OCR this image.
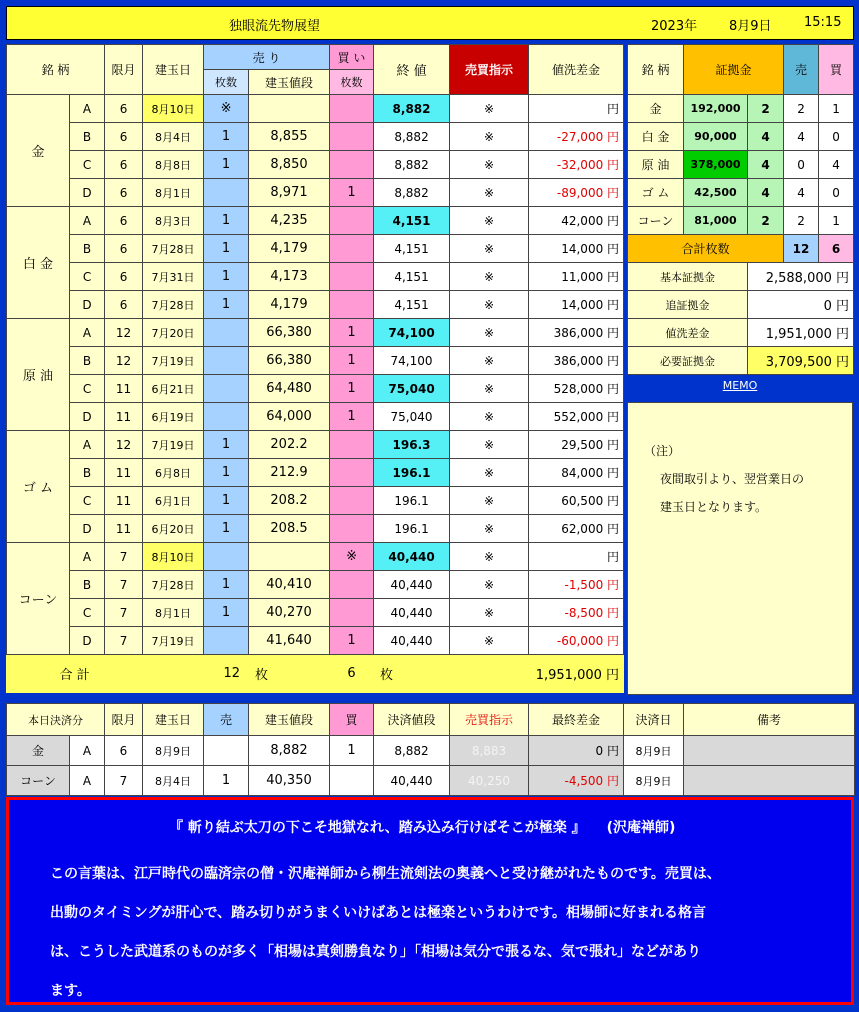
独眼流先物展望	2023年 8月9日 15:15
銘 柄		限月	建玉日	売 り		買 い	終 値	売買指示	値洗差金
				枚数	建玉値段	枚数			
金	A	6	8月10日	※			8,882	※	円
	B	6	8月4日	1	8,855		8,882	※	-27,000 円
	C	6	8月8日	1	8,850		8,882	※	-32,000 円
	D	6	8月1日		8,971	1	8,882	※	-89,000 円
白 金	A	6	8月3日	1	4,235		4,151	※	42,000 円
	B	6	7月28日	1	4,179		4,151	※	14,000 円
	C	6	7月31日	1	4,173		4,151	※	11,000 円
	D	6	7月28日	1	4,179		4,151	※	14,000 円
原 油	A	12	7月20日		66,380	1	74,100	※	386,000 円
	B	12	7月19日		66,380	1	74,100	※	386,000 円
	C	11	6月21日		64,480	1	75,040	※	528,000 円
	D	11	6月19日		64,000	1	75,040	※	552,000 円
ゴ ム	A	12	7月19日	1	202.2		196.3	※	29,500 円
	B	11	6月8日	1	212.9		196.1	※	84,000 円
	C	11	6月1日	1	208.2		196.1	※	60,500 円
	D	11	6月20日	1	208.5		196.1	※	62,000 円
コーン	A	7	8月10日			※	40,440	※	円
	B	7	7月28日	1	40,410		40,440	※	-1,500 円
	C	7	8月1日	1	40,270		40,440	※	-8,500 円
	D	7	7月19日		41,640	1	40,440	※	-60,000 円
合 計			12		枚	6	枚	1,951,000 円	
銘 柄	証拠金		売	買
金	192,000	2	2	1
白 金	90,000	4	4	0
原 油	378,000	4	0	4
ゴ ム	42,500	4	4	0
コーン	81,000	2	2	1
合計枚数			12	6
基本証拠金		2,588,000 円		
追証拠金		0 円		
値洗差金		1,951,000 円		
必要証拠金		3,709,500 円		
MEMO
（注）
夜間取引より、翌営業日の
建玉日となります。
本日決済分		限月	建玉日	売	建玉値段	買	決済値段	売買指示	最終差金	決済日	備考
金	A	6	8月9日		8,882	1	8,882	8,883	0 円	8月9日	
コーン	A	7	8月4日	1	40,350		40,440	40,250	-4,500 円	8月9日	
『 斬り結ぶ太刀の下こそ地獄なれ、踏み込み行けばそこが極楽 』　　(沢庵禅師)
この言葉は、江戸時代の臨済宗の僧・沢庵禅師から柳生流剣法の奥義へと受け継がれたものです。売買は、
出動のタイミングが肝心で、踏み切りがうまくいけばあとは極楽というわけです。相場師に好まれる格言
は、こうした武道系のものが多く「相場は真剣勝負なり」「相場は気分で張るな、気で張れ」などがあり
ます。
